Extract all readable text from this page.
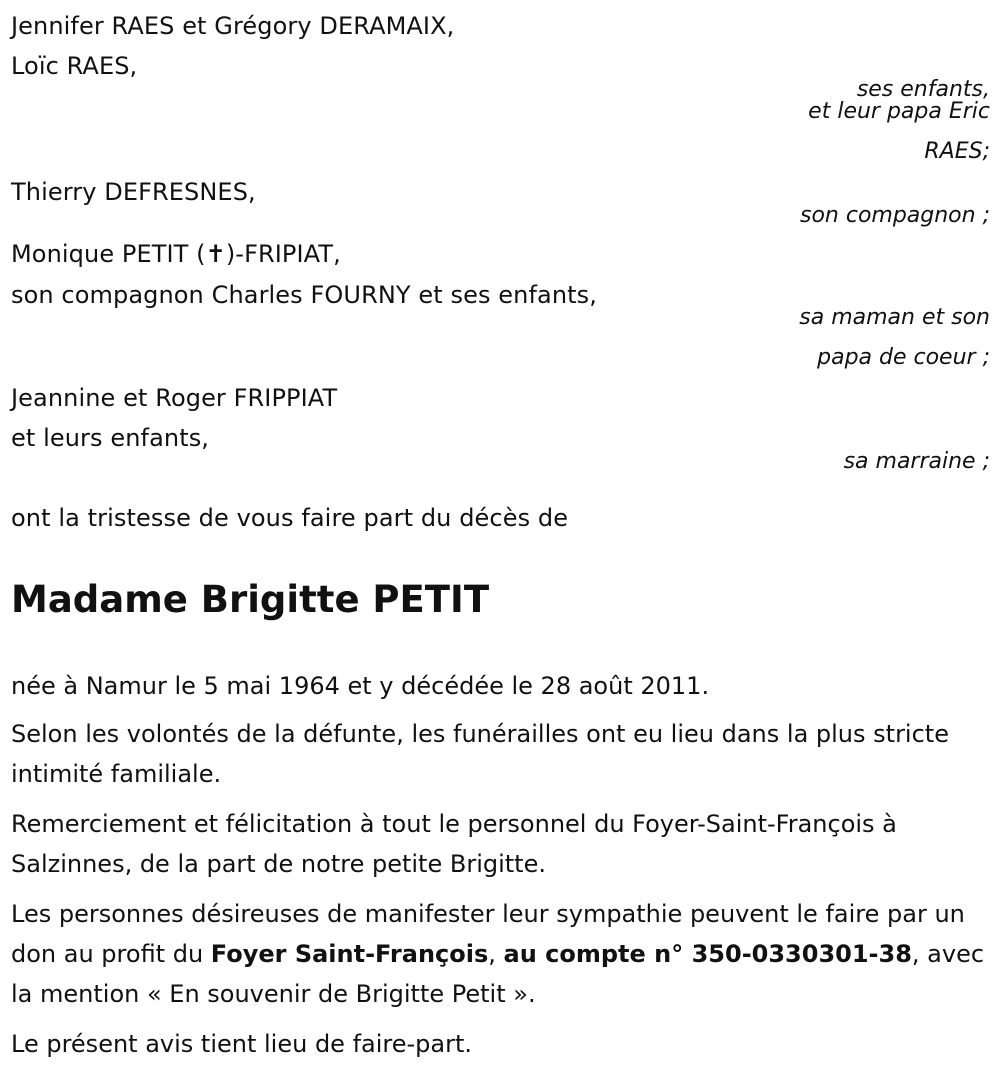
Jennifer RAES et Grégory DERAMAIX,
Loïc RAES,
ses enfants,
et leur papa Eric
RAES;
Thierry DEFRESNES,
son compagnon ;
Monique PETIT (✝)-FRIPIAT,
son compagnon Charles FOURNY et ses enfants,
sa maman et son
papa de coeur ;
Jeannine et Roger FRIPPIAT
et leurs enfants,
sa marraine ;
ont la tristesse de vous faire part du décès de
Madame Brigitte PETIT
née à Namur le 5 mai 1964 et y décédée le 28 août 2011.
Selon les volontés de la défunte, les funérailles ont eu lieu dans la plus stricte intimité familiale.
Remerciement et félicitation à tout le personnel du Foyer-Saint-François à Salzinnes, de la part de notre petite Brigitte.
Les personnes désireuses de manifester leur sympathie peuvent le faire par un don au profit du Foyer Saint-François, au compte n° 350-0330301-38, avec la mention « En souvenir de Brigitte Petit ».
Le présent avis tient lieu de faire-part.
